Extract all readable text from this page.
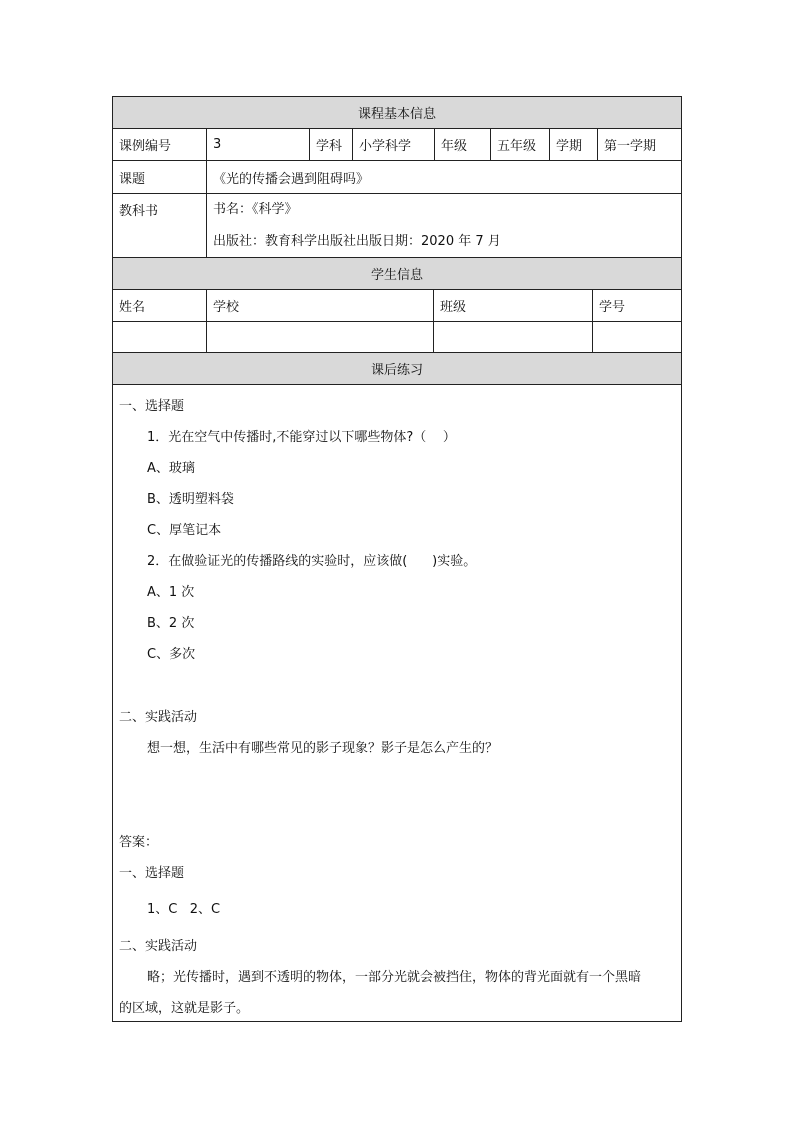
课程基本信息
课例编号	3	学科	小学科学	年级	五年级	学期	第一学期
课题	《光的传播会遇到阻碍吗》
教科书	书名：《科学》
出版社：教育科学出版社出版日期：2020 年 7 月
学生信息
姓名	学校	班级	学号
课后练习
一、选择题
1．光在空气中传播时,不能穿过以下哪些物体?（    ）
A、玻璃
B、透明塑料袋
C、厚笔记本
2．在做验证光的传播路线的实验时，应该做(      )实验。
A、1 次
B、2 次
C、多次
二、实践活动
想一想，生活中有哪些常见的影子现象？影子是怎么产生的？
答案：
一、选择题
1、C   2、C
二、实践活动
略；光传播时，遇到不透明的物体，一部分光就会被挡住，物体的背光面就有一个黑暗
的区域，这就是影子。
